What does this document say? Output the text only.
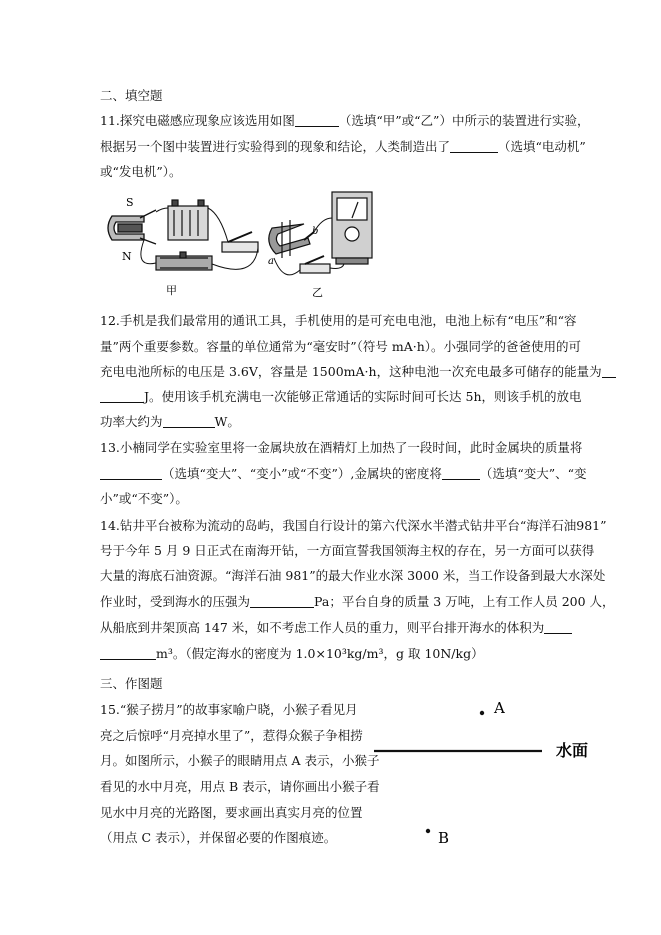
二、填空题
11.探究电磁感应现象应该选用如图	（选填“甲”或“乙”）中所示的装置进行实验，
根据另一个图中装置进行实验得到的现象和结论，人类制造出了	（选填“电动机”
或“发电机”）。
S
N
甲
a
b
乙
12.手机是我们最常用的通讯工具，手机使用的是可充电电池，电池上标有“电压”和“容
量”两个重要参数。容量的单位通常为“毫安时”（符号 mA·h）。小强同学的爸爸使用的可
充电电池所标的电压是 3.6V，容量是 1500mA·h，这种电池一次充电最多可储存的能量为
J。使用该手机充满电一次能够正常通话的实际时间可长达 5h，则该手机的放电
功率大约为	W。
13.小楠同学在实验室里将一金属块放在酒精灯上加热了一段时间，此时金属块的质量将
（选填“变大”、“变小”或“不变”）,金属块的密度将	（选填“变大”、“变
小”或“不变”）。
14.钻井平台被称为流动的岛屿，我国自行设计的第六代深水半潜式钻井平台“海洋石油981”
号于今年 5 月 9 日正式在南海开钻，一方面宣誓我国领海主权的存在，另一方面可以获得
大量的海底石油资源。“海洋石油 981”的最大作业水深 3000 米，当工作设备到最大水深处
作业时，受到海水的压强为	Pa；平台自身的质量 3 万吨，上有工作人员 200 人，
从船底到井架顶高 147 米，如不考虑工作人员的重力，则平台排开海水的体积为
m³。（假定海水的密度为 1.0×10³kg/m³，g 取 10N/kg）
三、作图题
15.“猴子捞月”的故事家喻户晓，小猴子看见月
亮之后惊呼“月亮掉水里了”，惹得众猴子争相捞
月。如图所示，小猴子的眼睛用点 A 表示，小猴子
看见的水中月亮，用点 B 表示，请你画出小猴子看
见水中月亮的光路图，要求画出真实月亮的位置
（用点 C 表示），并保留必要的作图痕迹。
A
水面
B
